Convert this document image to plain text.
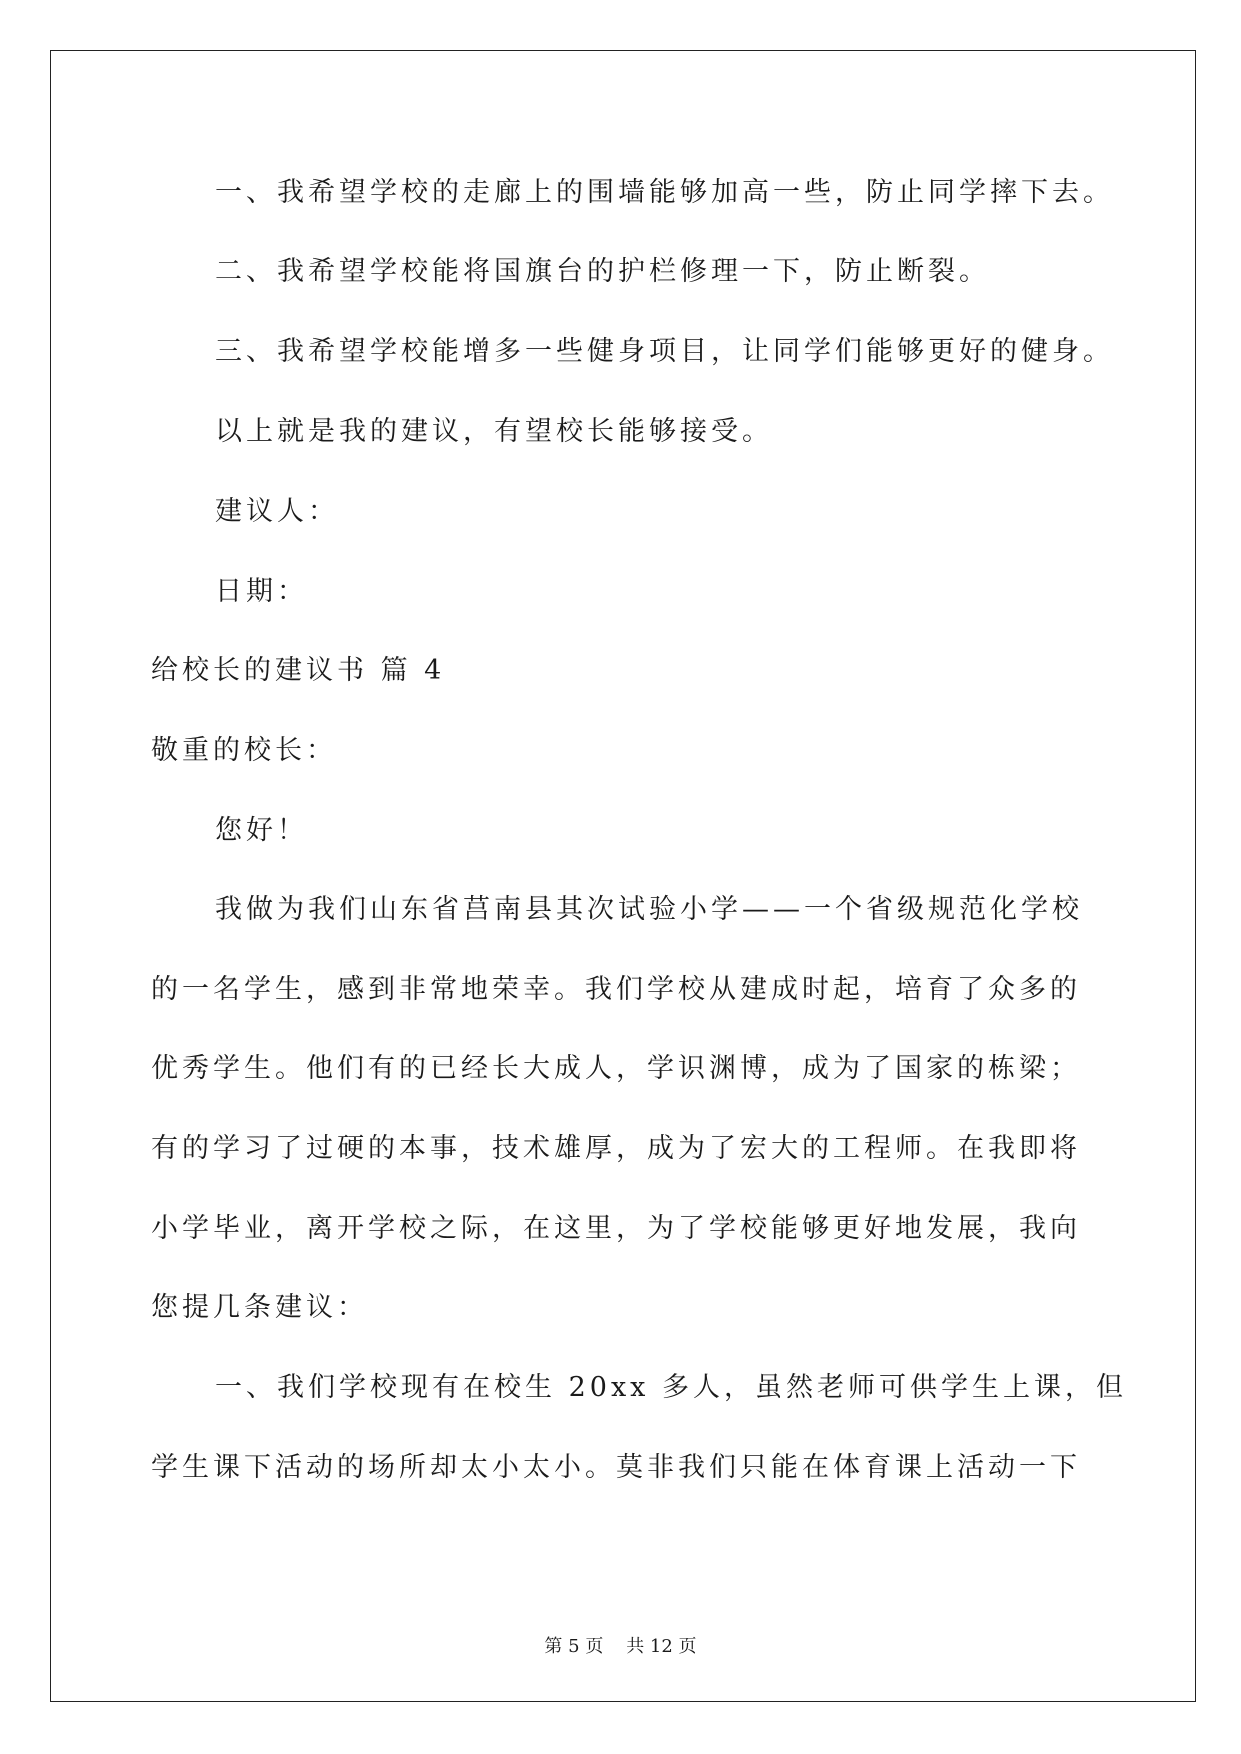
一、我希望学校的走廊上的围墙能够加高一些，防止同学摔下去。
二、我希望学校能将国旗台的护栏修理一下，防止断裂。
三、我希望学校能增多一些健身项目，让同学们能够更好的健身。
以上就是我的建议，有望校长能够接受。
建议人：
日期：
给校长的建议书 篇 4
敬重的校长：
您好！
我做为我们山东省莒南县其次试验小学——一个省级规范化学校
的一名学生，感到非常地荣幸。我们学校从建成时起，培育了众多的
优秀学生。他们有的已经长大成人，学识渊博，成为了国家的栋梁；
有的学习了过硬的本事，技术雄厚，成为了宏大的工程师。在我即将
小学毕业，离开学校之际，在这里，为了学校能够更好地发展，我向
您提几条建议：
一、我们学校现有在校生 20xx 多人，虽然老师可供学生上课，但
学生课下活动的场所却太小太小。莫非我们只能在体育课上活动一下
第 5 页    共 12 页
